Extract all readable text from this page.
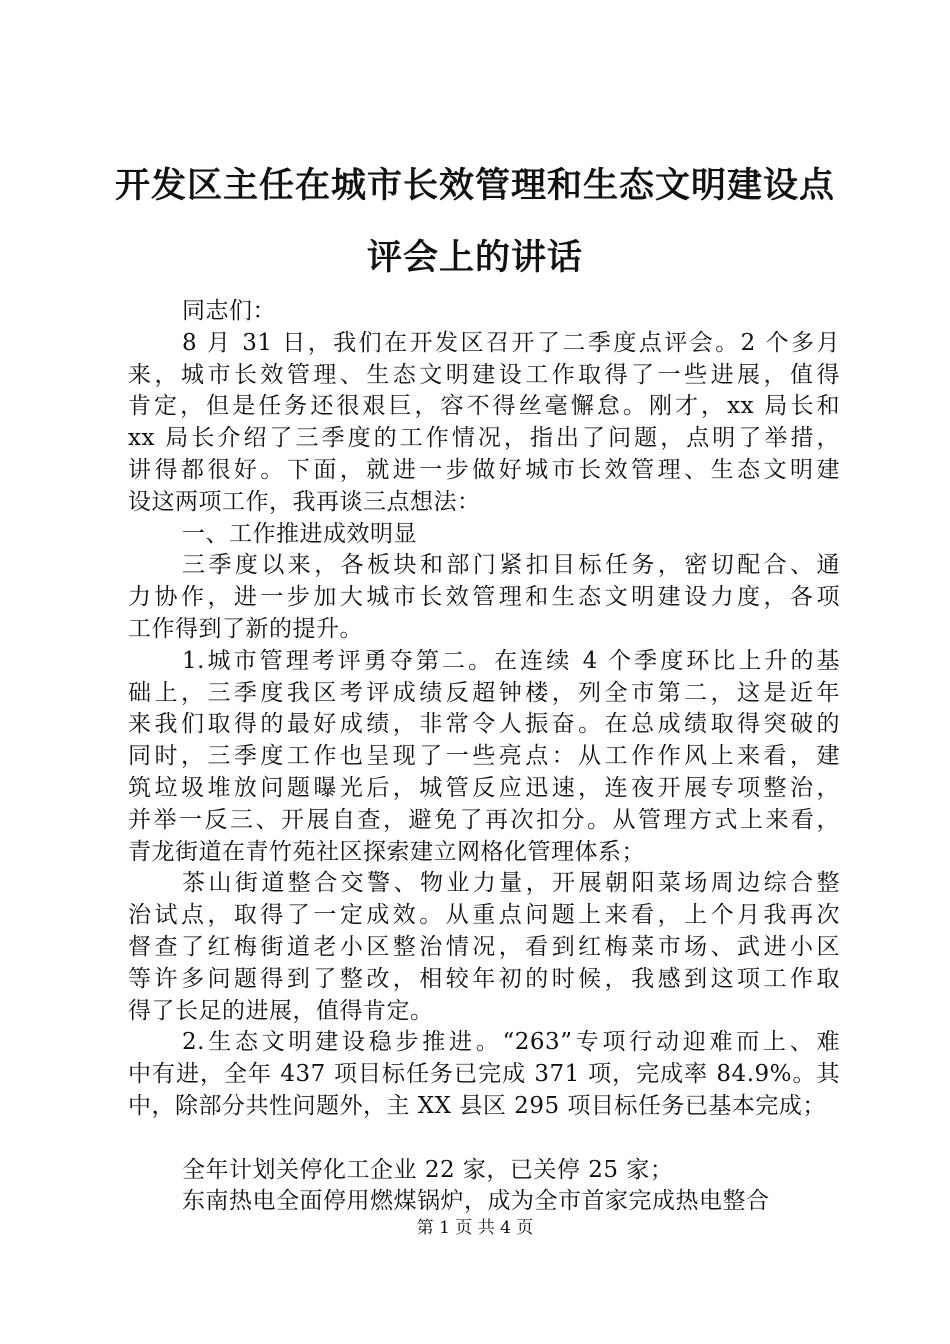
开发区主任在城市长效管理和生态文明建设点
评会上的讲话
同志们：
8 月 31 日，我们在开发区召开了二季度点评会。2 个多月
来，城市长效管理、生态文明建设工作取得了一些进展，值得
肯定，但是任务还很艰巨，容不得丝毫懈怠。刚才，xx 局长和
xx 局长介绍了三季度的工作情况，指出了问题，点明了举措，
讲得都很好。下面，就进一步做好城市长效管理、生态文明建
设这两项工作，我再谈三点想法：
一、工作推进成效明显
三季度以来，各板块和部门紧扣目标任务，密切配合、通
力协作，进一步加大城市长效管理和生态文明建设力度，各项
工作得到了新的提升。
1.城市管理考评勇夺第二。在连续 4 个季度环比上升的基
础上，三季度我区考评成绩反超钟楼，列全市第二，这是近年
来我们取得的最好成绩，非常令人振奋。在总成绩取得突破的
同时，三季度工作也呈现了一些亮点：从工作作风上来看，建
筑垃圾堆放问题曝光后，城管反应迅速，连夜开展专项整治，
并举一反三、开展自查，避免了再次扣分。从管理方式上来看，
青龙街道在青竹苑社区探索建立网格化管理体系；
茶山街道整合交警、物业力量，开展朝阳菜场周边综合整
治试点，取得了一定成效。从重点问题上来看，上个月我再次
督查了红梅街道老小区整治情况，看到红梅菜市场、武进小区
等许多问题得到了整改，相较年初的时候，我感到这项工作取
得了长足的进展，值得肯定。
2.生态文明建设稳步推进。“263”专项行动迎难而上、难
中有进，全年 437 项目标任务已完成 371 项，完成率 84.9%。其
中，除部分共性问题外，主 XX 县区 295 项目标任务已基本完成；
全年计划关停化工企业 22 家，已关停 25 家；
东南热电全面停用燃煤锅炉，成为全市首家完成热电整合
第 1 页 共 4 页
